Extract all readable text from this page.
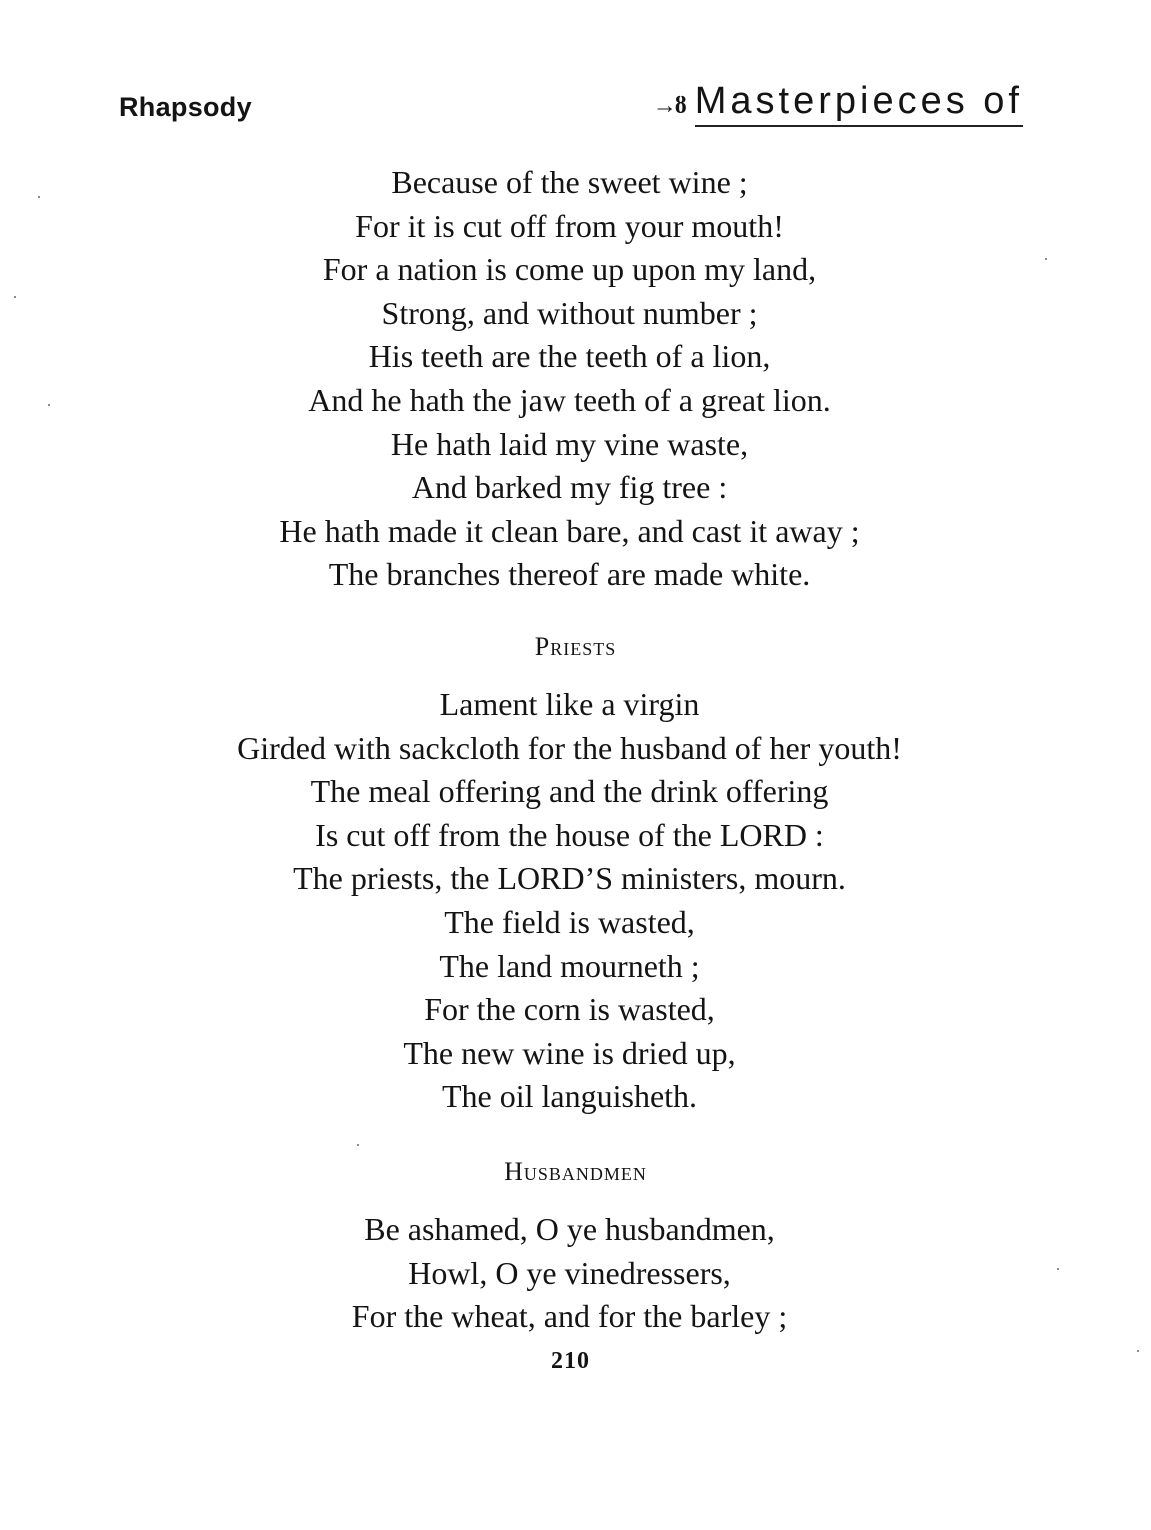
Rhapsody	→ȣ Masterpieces of
Because of the sweet wine ;
For it is cut off from your mouth!
For a nation is come up upon my land,
Strong, and without number ;
His teeth are the teeth of a lion,
And he hath the jaw teeth of a great lion.
He hath laid my vine waste,
And barked my fig tree :
He hath made it clean bare, and cast it away ;
The branches thereof are made white.
Priests
Lament like a virgin
Girded with sackcloth for the husband of her youth!
The meal offering and the drink offering
Is cut off from the house of the LORD :
The priests, the LORD’S ministers, mourn.
The field is wasted,
The land mourneth ;
For the corn is wasted,
The new wine is dried up,
The oil languisheth.
Husbandmen
Be ashamed, O ye husbandmen,
Howl, O ye vinedressers,
For the wheat, and for the barley ;
210
